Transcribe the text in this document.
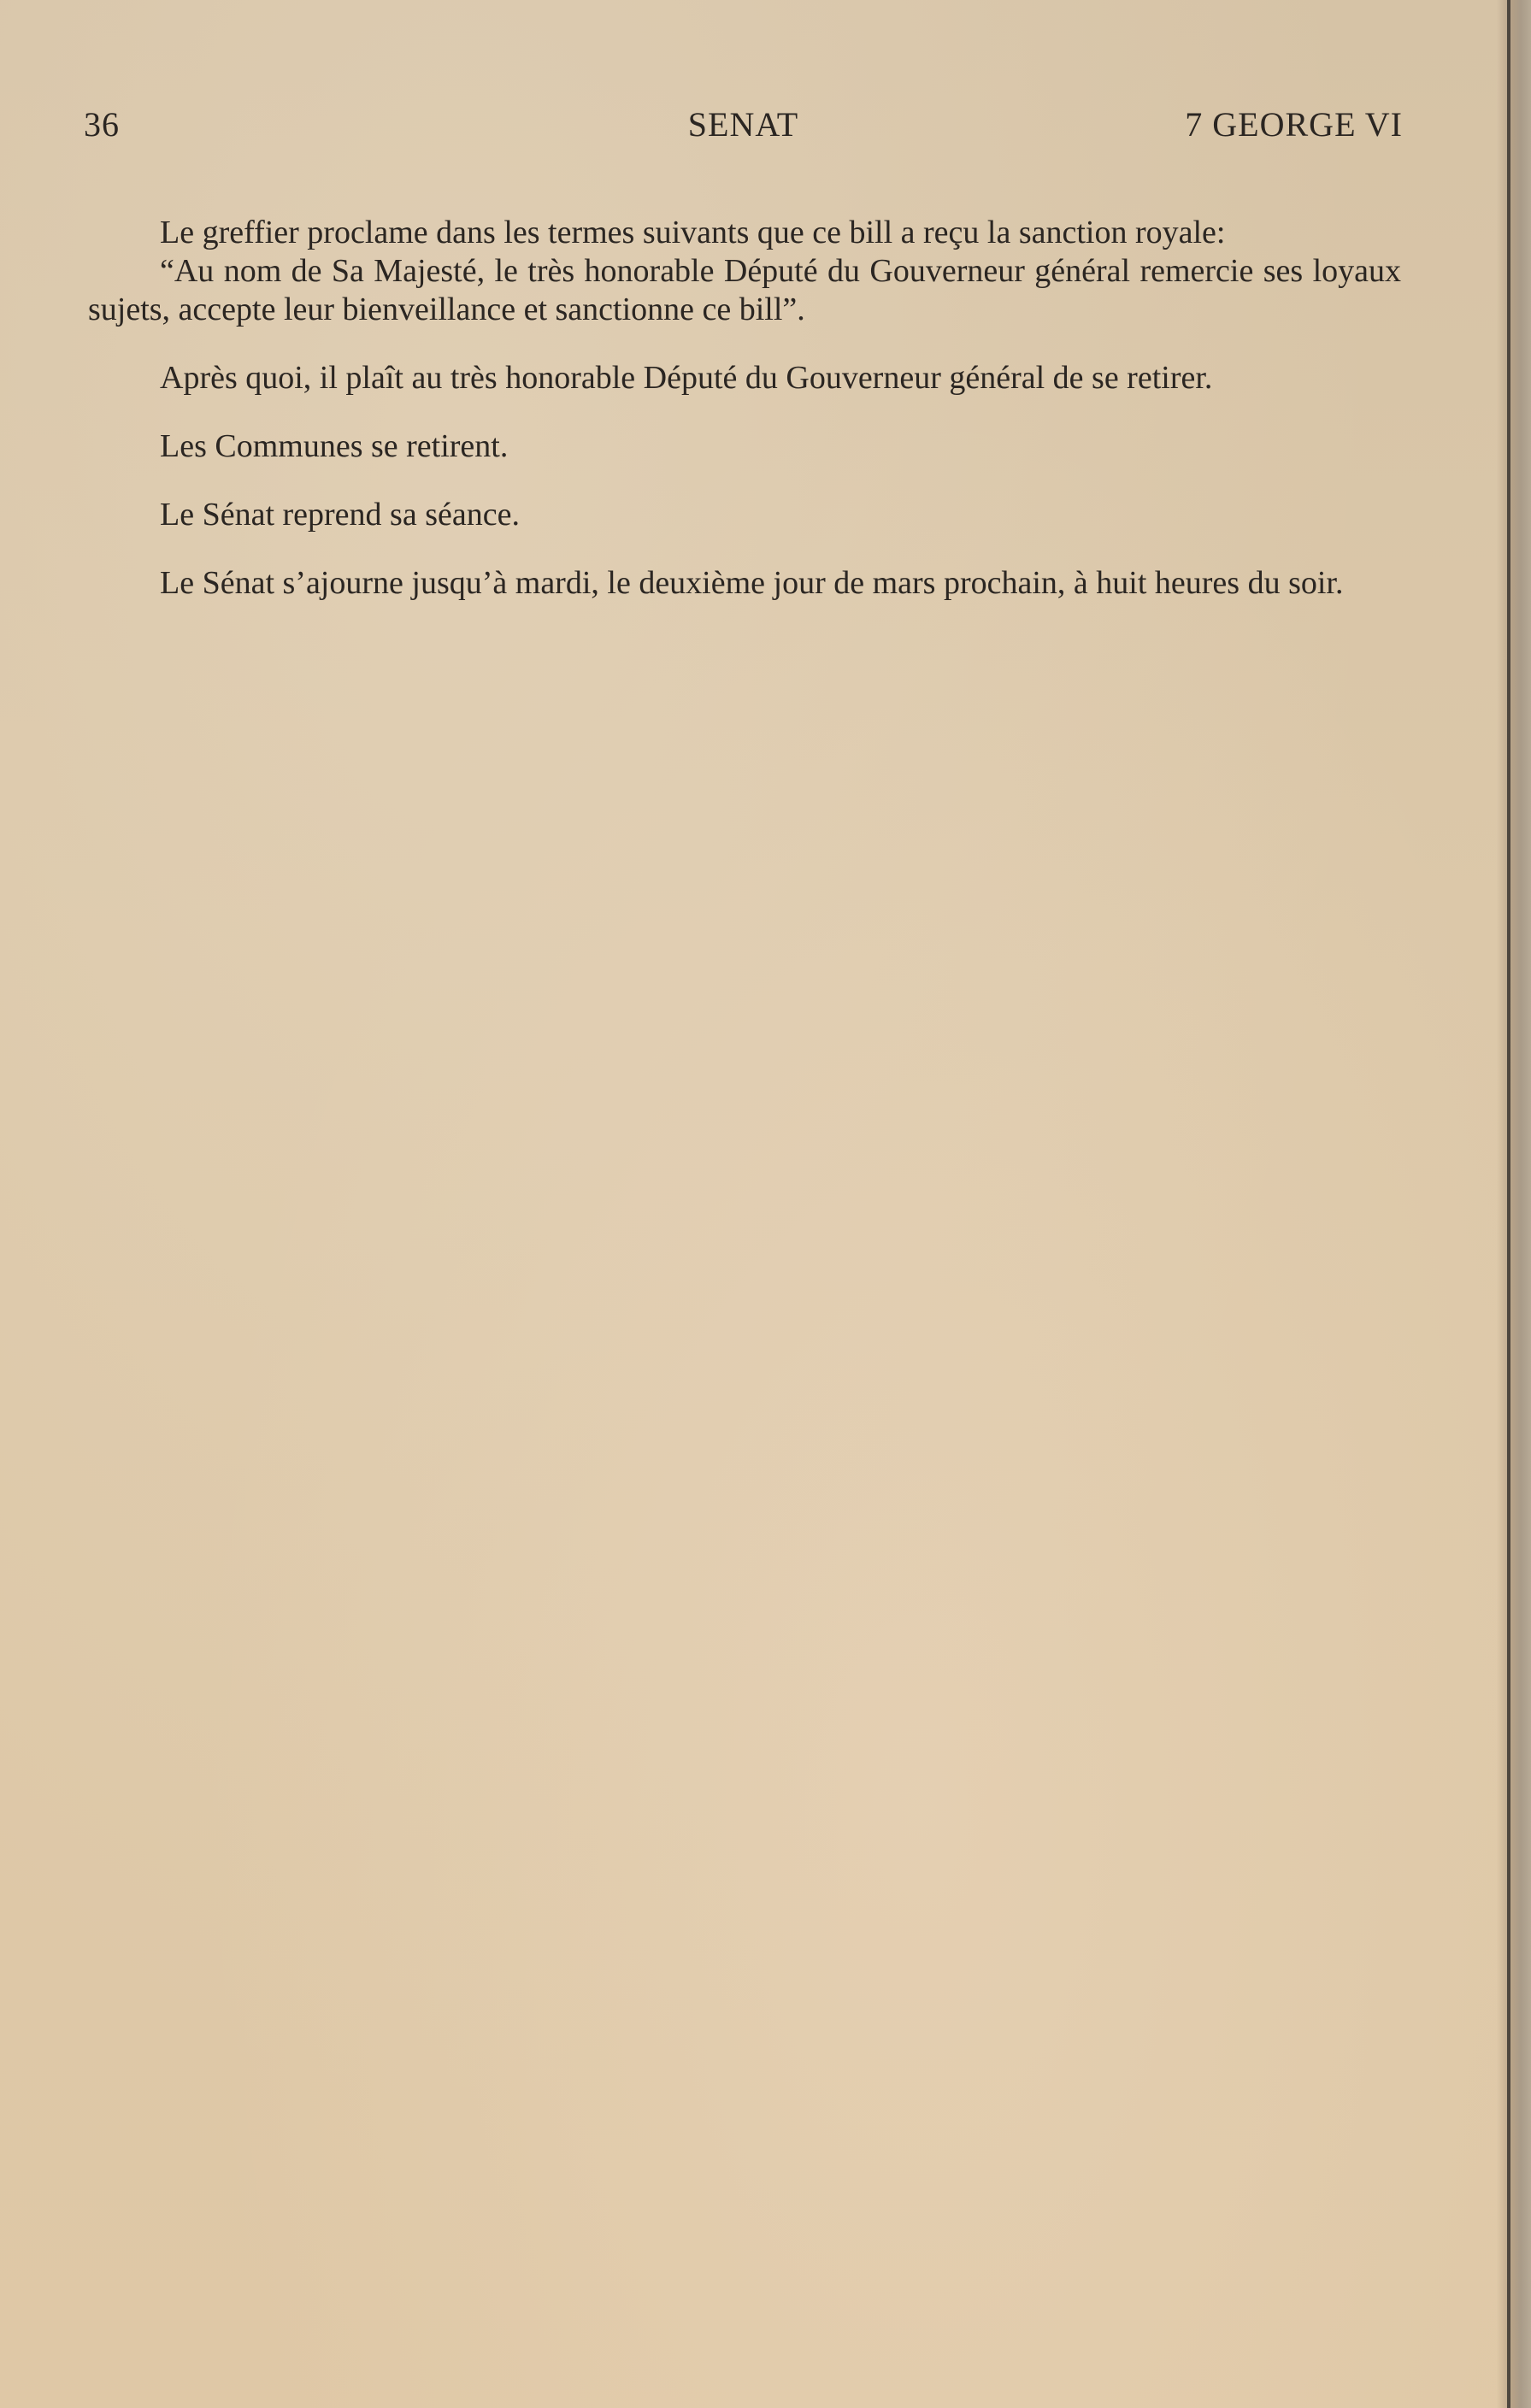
36	SENAT	7 GEORGE VI

Le greffier proclame dans les termes suivants que ce bill a reçu la sanction royale:

“Au nom de Sa Majesté, le très honorable Député du Gouverneur général remercie ses loyaux sujets, accepte leur bienveillance et sanctionne ce bill”.

Après quoi, il plaît au très honorable Député du Gouverneur général de se retirer.

Les Communes se retirent.

Le Sénat reprend sa séance.

Le Sénat s’ajourne jusqu’à mardi, le deuxième jour de mars prochain, à huit heures du soir.
